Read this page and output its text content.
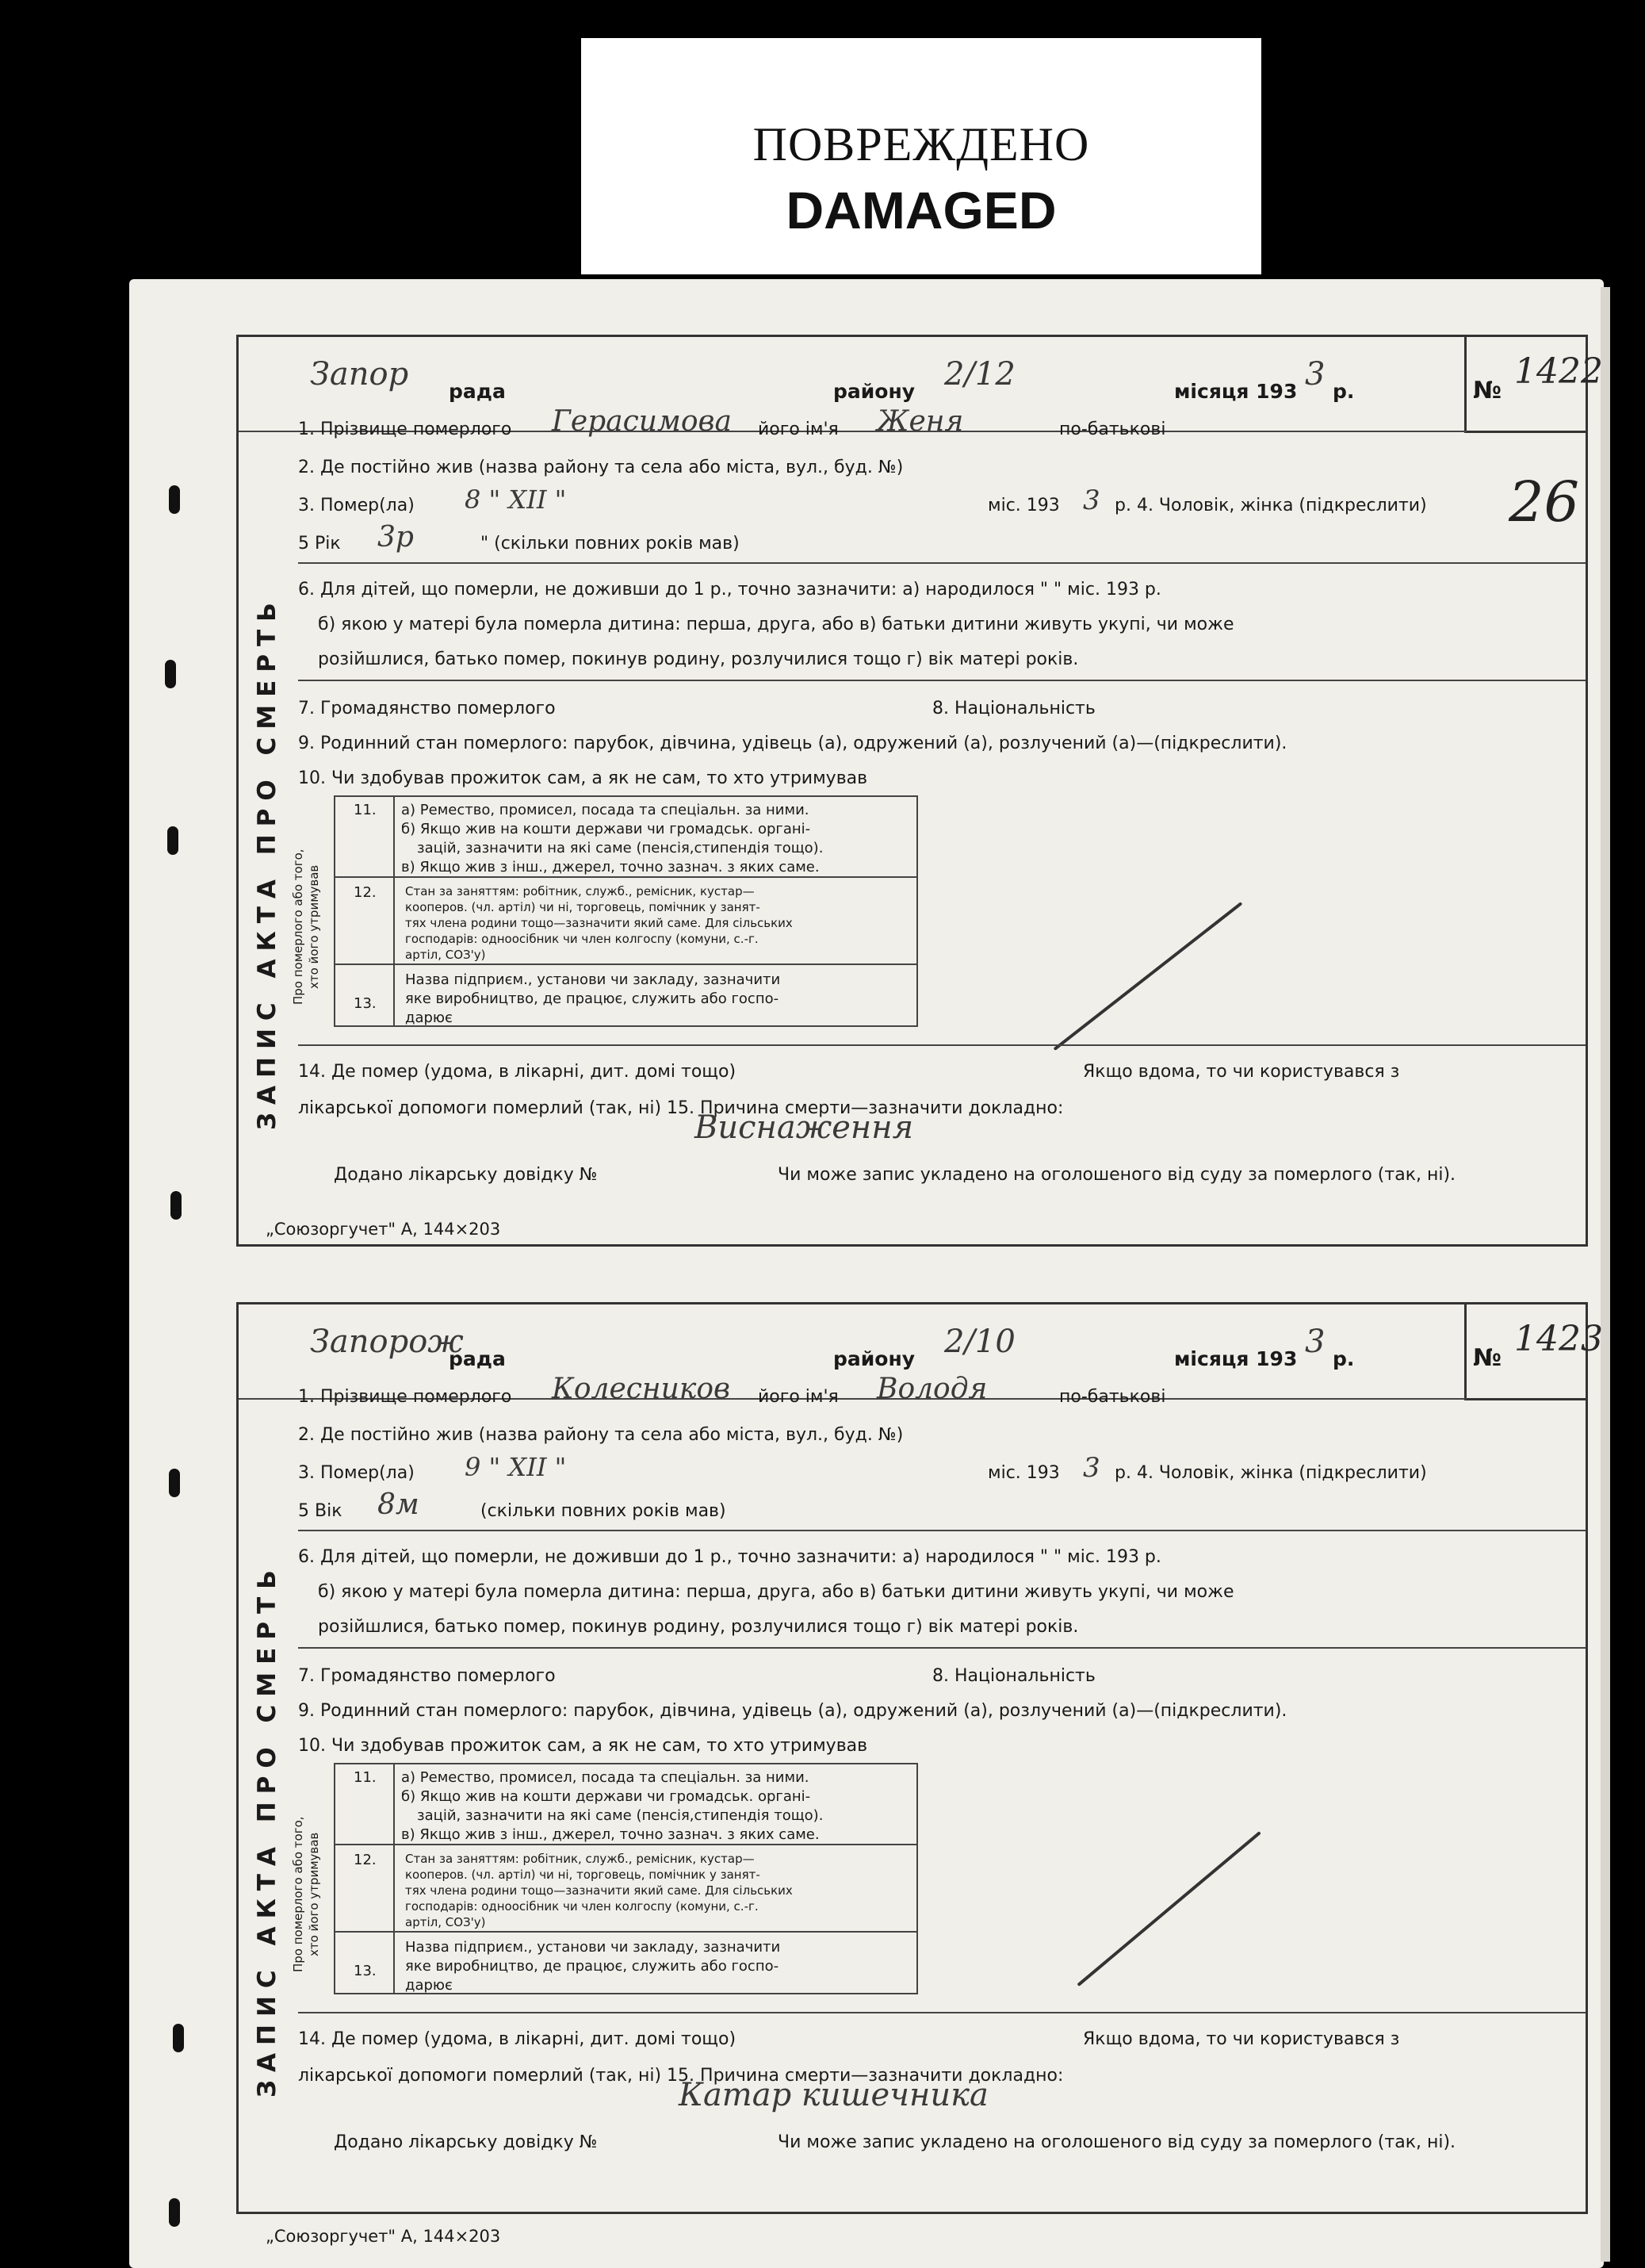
ПОВРЕЖДЕНО
DAMAGED
26
№ 1422
Запор рада	району 2/12	місяця 193 3 р.
ЗАПИС АКТА ПРО СМЕРТЬ
1. Прізвище померлого Герасимова його ім'я Женя	по-батькові
2. Де постійно жив (назва району та села або міста, вул., буд. №)
3. Помер(ла) 8 " XII "	міс. 193 3 р. 4. Чоловік, жінка (підкреслити)
5 Рік 3р	" (скільки повних років мав)
6. Для дітей, що померли, не доживши до 1 р., точно зазначити: а) народилося " " міс. 193 р.
б) якою у матері була померла дитина: перша, друга, або в) батьки дитини живуть укупі, чи може
розійшлися, батько помер, покинув родину, розлучилися тощо г) вік матері років.
7. Громадянство померлого	8. Національність
9. Родинний стан померлого: парубок, дівчина, удівець (а), одружений (а), розлучений (а)—(підкреслити).
10. Чи здобував прожиток сам, а як не сам, то хто утримував
Про померлого або того, хто його утримував
11. а) Ремество, промисел, посада та спеціальн. за ними.
б) Якщо жив на кошти держави чи громадськ. органі-
зацій, зазначити на які саме (пенсія,стипендія тощо).
в) Якщо жив з інш., джерел, точно зазнач. з яких саме.
12. Стан за заняттям: робітник, служб., ремісник, кустар—
кооперов. (чл. артіл) чи ні, торговець, помічник у занят-
тях члена родини тощо—зазначити який саме. Для сільських
господарів: одноосібник чи член колгоспу (комуни, с.-г.
артіл, СОЗ'у)
13.
Назва підприєм., установи чи закладу, зазначити
яке виробництво, де працює, служить або госпо-
дарює
14. Де помер (удома, в лікарні, дит. домі тощо)	Якщо вдома, то чи користувався з
лікарської допомоги померлий (так, ні) 15. Причина смерти—зазначити докладно:
Виснаження
Додано лікарську довідку №	Чи може запис укладено на оголошеного від суду за померлого (так, ні).
„Союзоргучет" А, 144×203
№ 1423
Запорож
рада	району 2/10	місяця 193 3 р.
ЗАПИС АКТА ПРО СМЕРТЬ
1. Прізвище померлого Колесников його ім'я Володя	по-батькові
2. Де постійно жив (назва району та села або міста, вул., буд. №)
3. Помер(ла) 9 " XII "	міс. 193 3 р. 4. Чоловік, жінка (підкреслити)
5 Вік 8м	(скільки повних років мав)
6. Для дітей, що померли, не доживши до 1 р., точно зазначити: а) народилося " " міс. 193 р.
б) якою у матері була померла дитина: перша, друга, або в) батьки дитини живуть укупі, чи може
розійшлися, батько помер, покинув родину, розлучилися тощо г) вік матері років.
7. Громадянство померлого	8. Національність
9. Родинний стан померлого: парубок, дівчина, удівець (а), одружений (а), розлучений (а)—(підкреслити).
10. Чи здобував прожиток сам, а як не сам, то хто утримував
Про померлого або того, хто його утримував
11. а) Ремество, промисел, посада та спеціальн. за ними.
б) Якщо жив на кошти держави чи громадськ. органі-
зацій, зазначити на які саме (пенсія,стипендія тощо).
в) Якщо жив з інш., джерел, точно зазнач. з яких саме.
12. Стан за заняттям: робітник, служб., ремісник, кустар—
кооперов. (чл. артіл) чи ні, торговець, помічник у занят-
тях члена родини тощо—зазначити який саме. Для сільських
господарів: одноосібник чи член колгоспу (комуни, с.-г.
артіл, СОЗ'у)
13.
Назва підприєм., установи чи закладу, зазначити
яке виробництво, де працює, служить або госпо-
дарює
14. Де помер (удома, в лікарні, дит. домі тощо)	Якщо вдома, то чи користувався з
лікарської допомоги померлий (так, ні) 15. Причина смерти—зазначити докладно:
Катар кишечника
Додано лікарську довідку №	Чи може запис укладено на оголошеного від суду за померлого (так, ні).
„Союзоргучет" А, 144×203
